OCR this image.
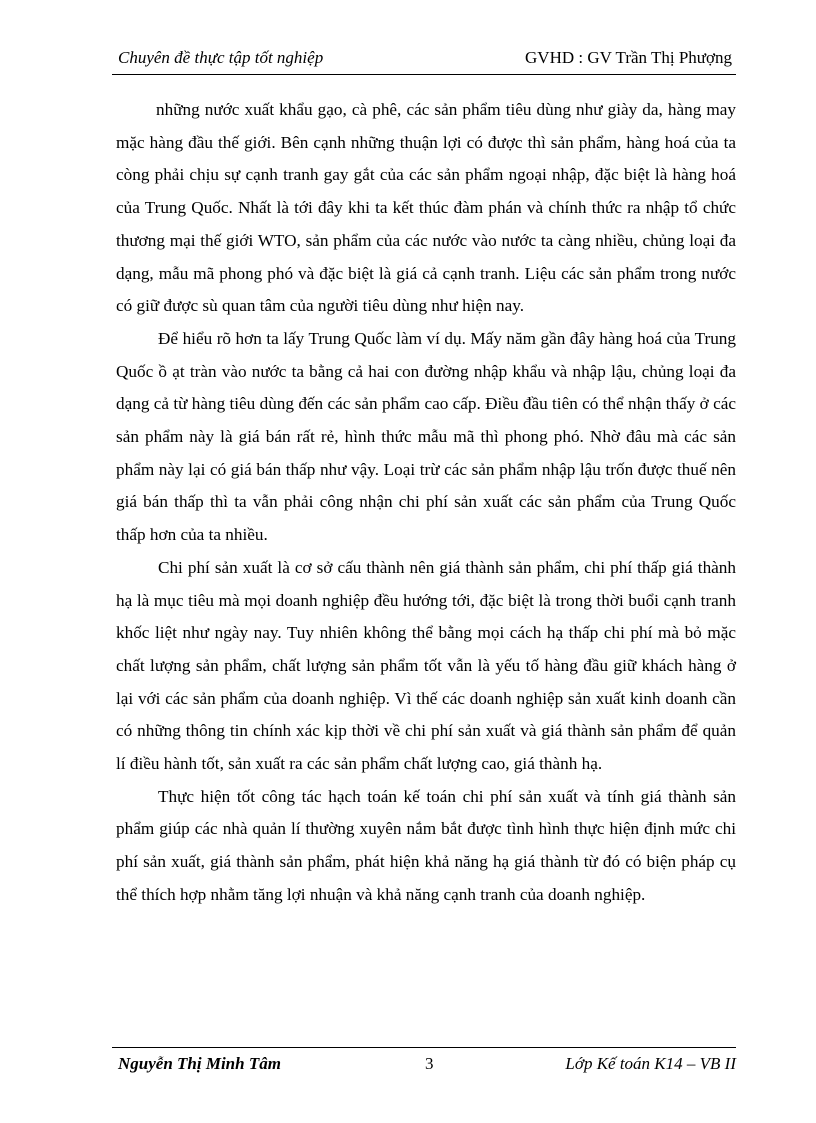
Chuyên đề thực tập tốt nghiệp	GVHD : GV Trần Thị Phượng

những nước xuất khẩu gạo, cà phê, các sản phẩm tiêu dùng như giày da, hàng may mặc hàng đầu thế giới. Bên cạnh những thuận lợi có được thì sản phẩm, hàng hoá của ta còng phải chịu sự cạnh tranh gay gắt của các sản phẩm ngoại nhập, đặc biệt là hàng hoá của Trung Quốc. Nhất là tới đây khi ta kết thúc đàm phán và chính thức ra nhập tổ chức thương mại thế giới WTO, sản phẩm của các nước vào nước ta càng nhiều, chủng loại đa dạng, mẫu mã phong phó và đặc biệt là giá cả cạnh tranh. Liệu các sản phẩm trong nước có giữ được sù quan tâm của người tiêu dùng như hiện nay.

Để hiểu rõ hơn ta lấy Trung Quốc làm ví dụ. Mấy năm gần đây hàng hoá của Trung Quốc ồ ạt tràn vào nước ta bằng cả hai con đường nhập khẩu và nhập lậu, chủng loại đa dạng cả từ hàng tiêu dùng đến các sản phẩm cao cấp. Điều đầu tiên có thể nhận thấy ở các sản phẩm này là giá bán rất rẻ, hình thức mẫu mã thì phong phó. Nhờ đâu mà các sản phẩm này lại có giá bán thấp như vậy. Loại trừ các sản phẩm nhập lậu trốn được thuế nên giá bán thấp thì ta vẫn phải công nhận chi phí sản xuất các sản phẩm của Trung Quốc thấp hơn của ta nhiều.

Chi phí sản xuất là cơ sở cấu thành nên giá thành sản phẩm, chi phí thấp giá thành hạ là mục tiêu mà mọi doanh nghiệp đều hướng tới, đặc biệt là trong thời buổi cạnh tranh khốc liệt như ngày nay. Tuy nhiên không thể bằng mọi cách hạ thấp chi phí mà bỏ mặc chất lượng sản phẩm, chất lượng sản phẩm tốt vẫn là yếu tố hàng đầu giữ khách hàng ở lại với các sản phẩm của doanh nghiệp. Vì thế các doanh nghiệp sản xuất kinh doanh cần có những thông tin chính xác kịp thời về chi phí sản xuất và giá thành sản phẩm để quản lí điều hành tốt, sản xuất ra các sản phẩm chất lượng cao, giá thành hạ.

Thực hiện tốt công tác hạch toán kế toán chi phí sản xuất và tính giá thành sản phẩm giúp các nhà quản lí thường xuyên nắm bắt được tình hình thực hiện định mức chi phí sản xuất, giá thành sản phẩm, phát hiện khả năng hạ giá thành từ đó có biện pháp cụ thể thích hợp nhằm tăng lợi nhuận và khả năng cạnh tranh của doanh nghiệp.

Nguyễn Thị Minh Tâm	3	Lớp Kế toán K14 – VB II
